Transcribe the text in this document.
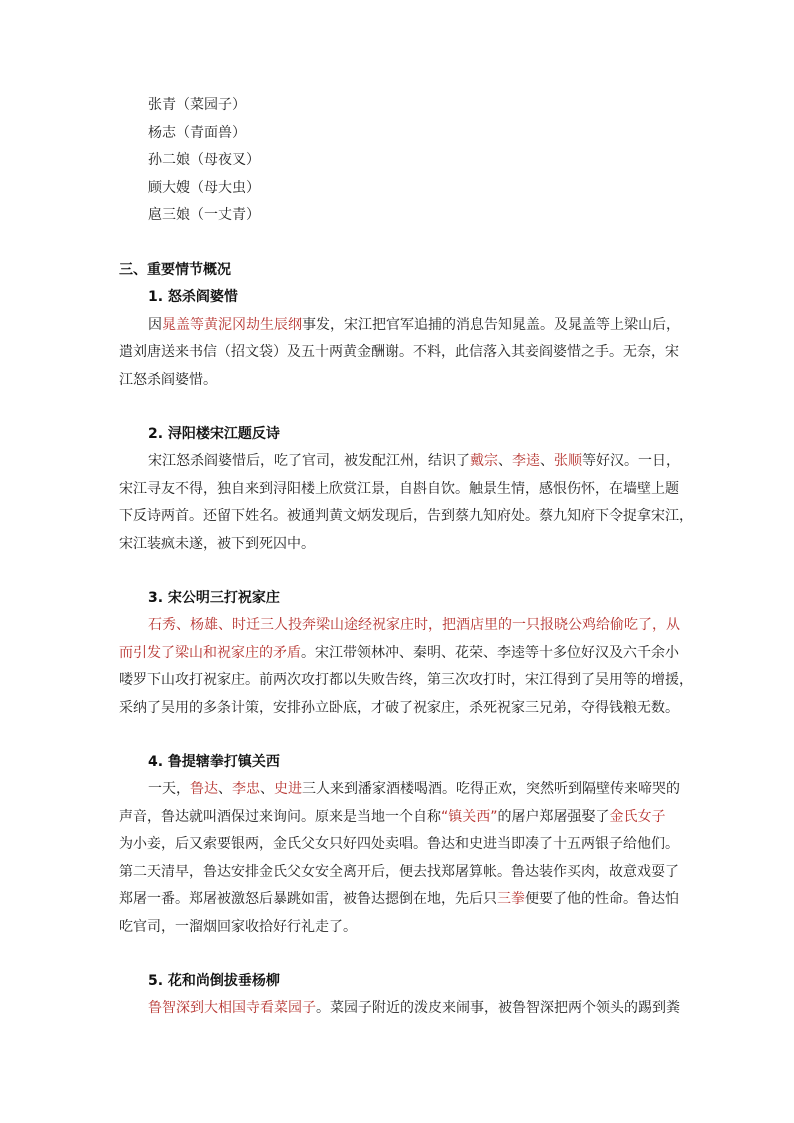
张青（菜园子）
杨志（青面兽）
孙二娘（母夜叉）
顾大嫂（母大虫）
扈三娘（一丈青）
三、重要情节概况
1. 怒杀阎婆惜
因晁盖等黄泥冈劫生辰纲事发，宋江把官军追捕的消息告知晁盖。及晁盖等上梁山后，
遣刘唐送来书信（招文袋）及五十两黄金酬谢。不料，此信落入其妾阎婆惜之手。无奈，宋
江怒杀阎婆惜。
2. 浔阳楼宋江题反诗
宋江怒杀阎婆惜后，吃了官司，被发配江州，结识了戴宗、李逵、张顺等好汉。一日，
宋江寻友不得，独自来到浔阳楼上欣赏江景，自斟自饮。触景生情，感恨伤怀，在墙壁上题
下反诗两首。还留下姓名。被通判黄文炳发现后，告到蔡九知府处。蔡九知府下令捉拿宋江，
宋江装疯未遂，被下到死囚中。
3. 宋公明三打祝家庄
石秀、杨雄、时迁三人投奔梁山途经祝家庄时，把酒店里的一只报晓公鸡给偷吃了，从
而引发了梁山和祝家庄的矛盾。宋江带领林冲、秦明、花荣、李逵等十多位好汉及六千余小
喽罗下山攻打祝家庄。前两次攻打都以失败告终，第三次攻打时，宋江得到了吴用等的增援，
采纳了吴用的多条计策，安排孙立卧底，才破了祝家庄，杀死祝家三兄弟，夺得钱粮无数。
4. 鲁提辖拳打镇关西
一天，鲁达、李忠、史进三人来到潘家酒楼喝酒。吃得正欢，突然听到隔壁传来啼哭的
声音，鲁达就叫酒保过来询问。原来是当地一个自称“镇关西”的屠户郑屠强娶了金氏女子
为小妾，后又索要银两，金氏父女只好四处卖唱。鲁达和史进当即凑了十五两银子给他们。
第二天清早，鲁达安排金氏父女安全离开后，便去找郑屠算帐。鲁达装作买肉，故意戏耍了
郑屠一番。郑屠被激怒后暴跳如雷，被鲁达摁倒在地，先后只三拳便要了他的性命。鲁达怕
吃官司，一溜烟回家收拾好行礼走了。
5. 花和尚倒拔垂杨柳
鲁智深到大相国寺看菜园子。菜园子附近的泼皮来闹事，被鲁智深把两个领头的踢到粪
